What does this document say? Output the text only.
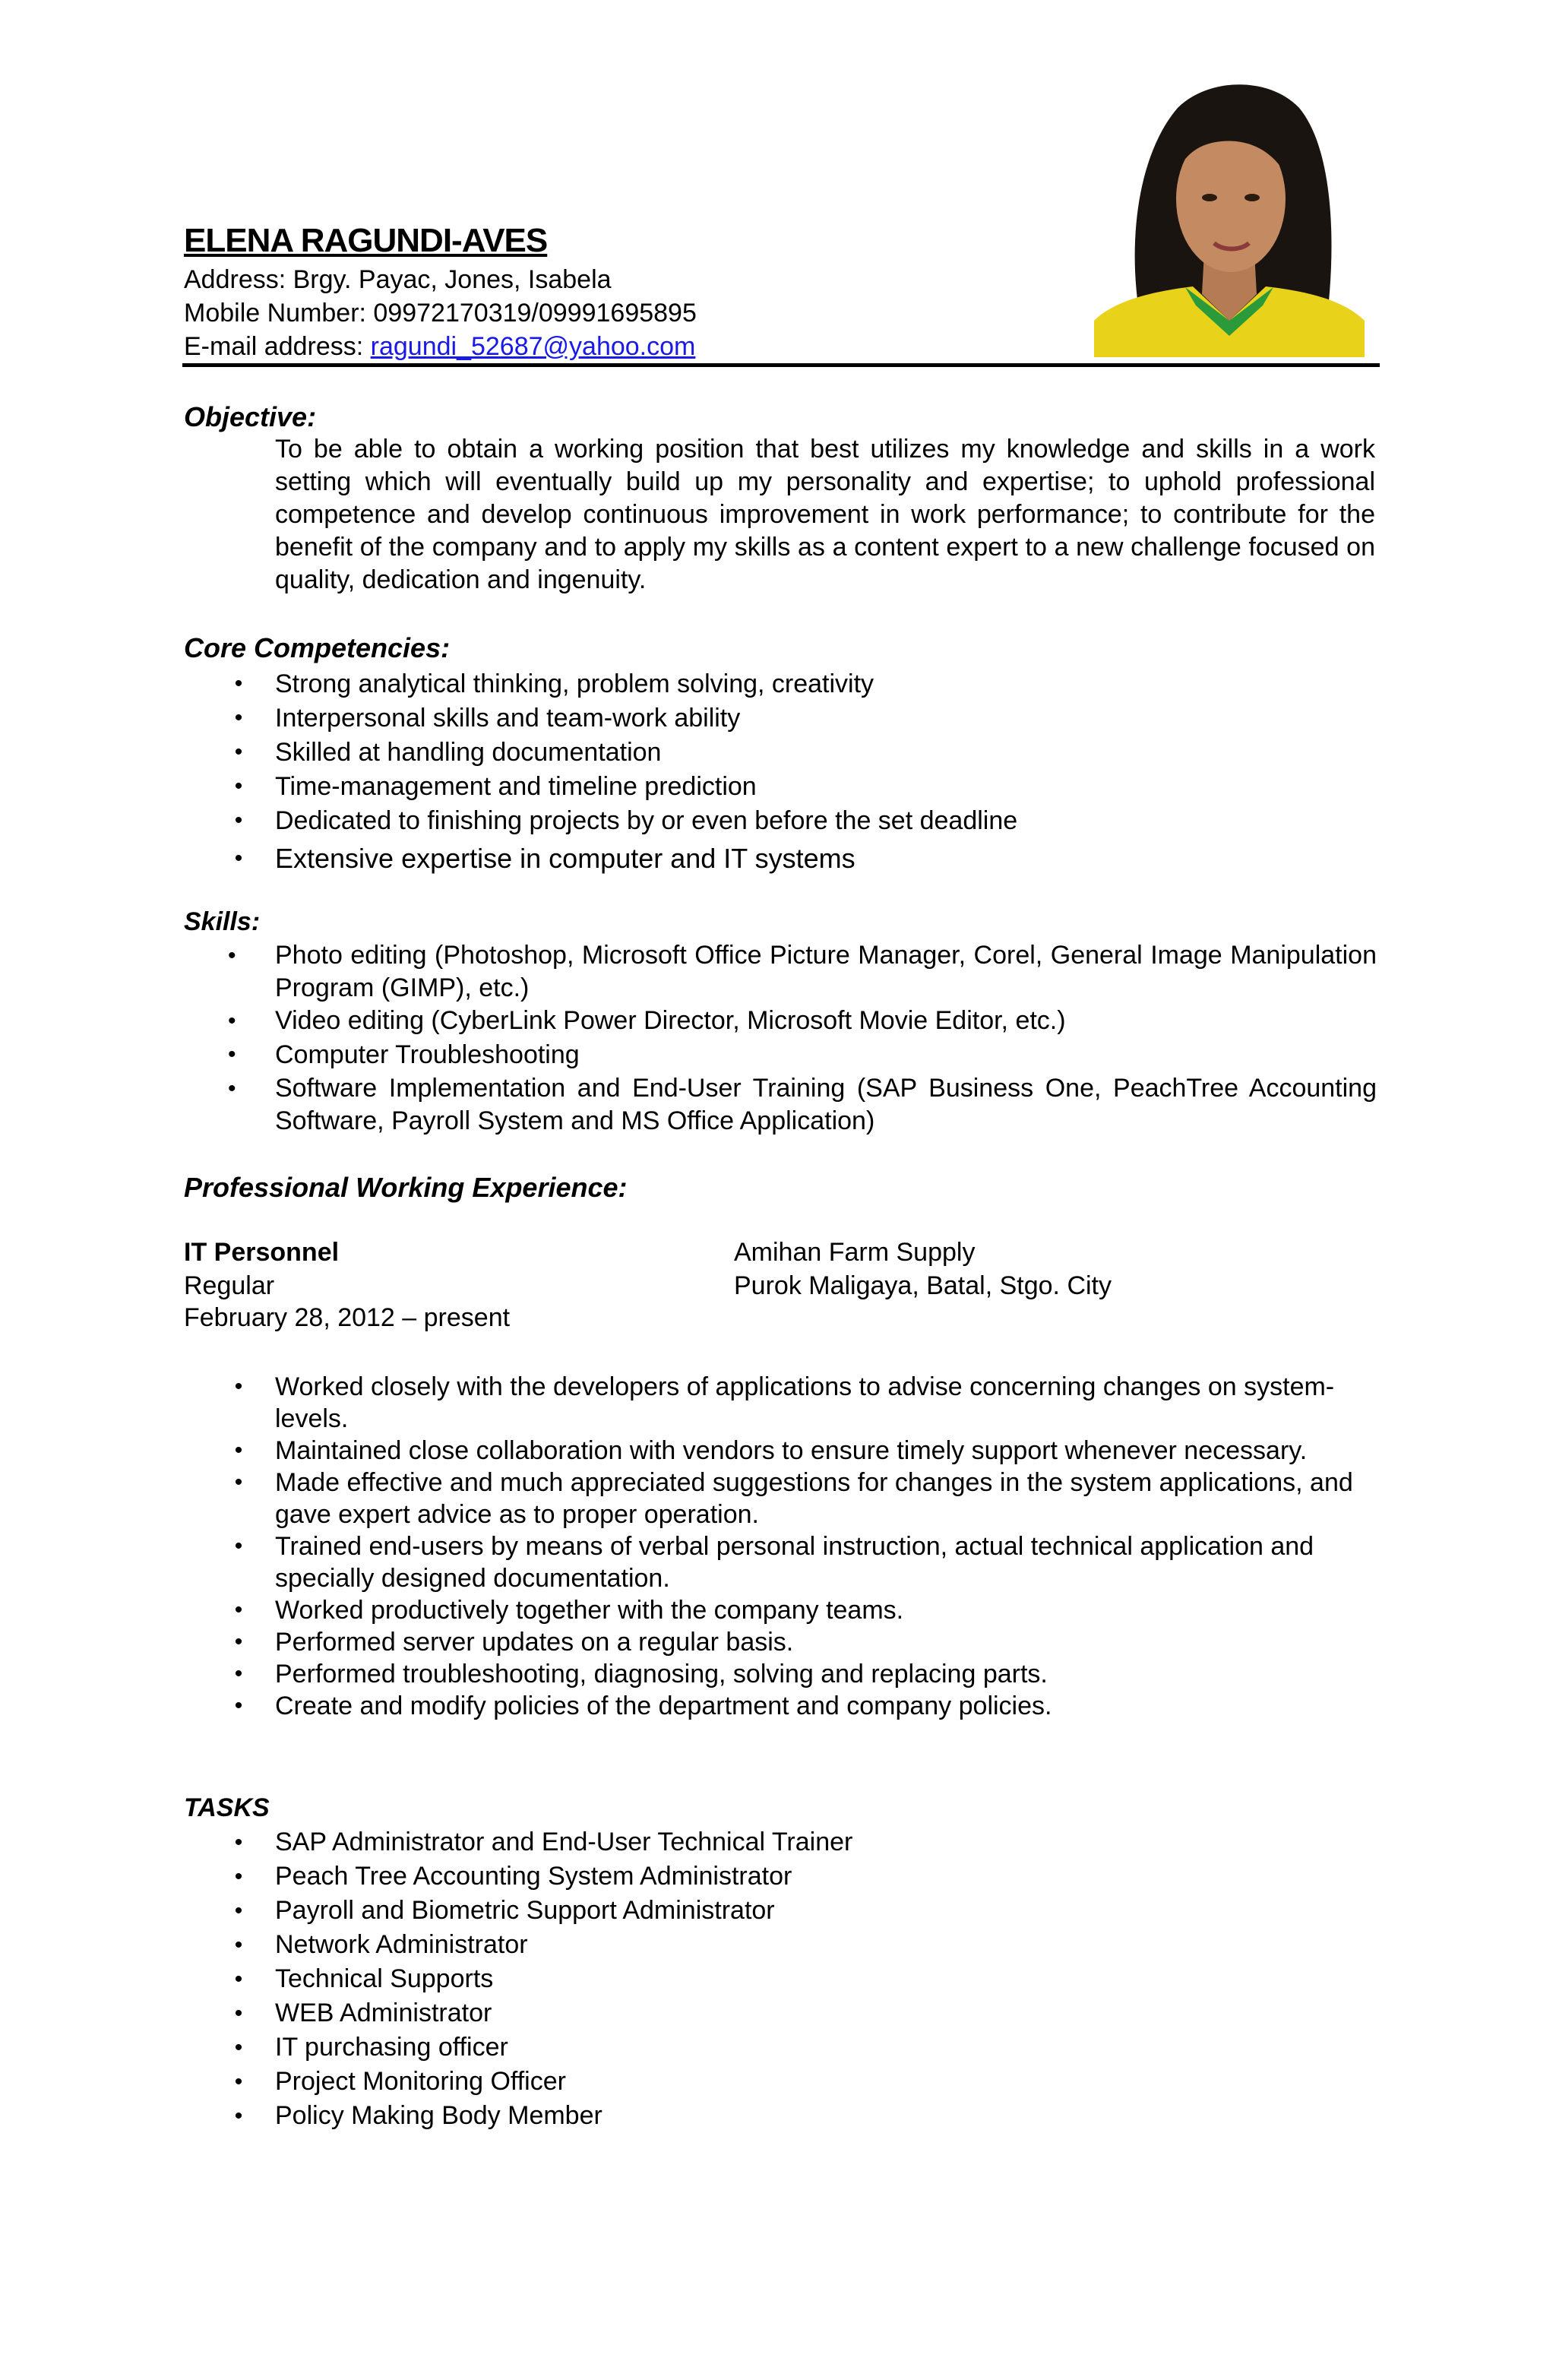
ELENA RAGUNDI-AVES
Address: Brgy. Payac, Jones, Isabela
Mobile Number: 09972170319/09991695895
E-mail address: ragundi_52687@yahoo.com
Objective:
To be able to obtain a working position that best utilizes my knowledge and skills in a work setting which will eventually build up my personality and expertise; to uphold professional competence and develop continuous improvement in work performance; to contribute for the benefit of the company and to apply my skills as a content expert to a new challenge focused on quality, dedication and ingenuity.
Core Competencies:
• Strong analytical thinking, problem solving, creativity
• Interpersonal skills and team-work ability
• Skilled at handling documentation
• Time-management and timeline prediction
• Dedicated to finishing projects by or even before the set deadline
• Extensive expertise in computer and IT systems
Skills:
•	Photo editing (Photoshop, Microsoft Office Picture Manager, Corel, General Image Manipulation Program (GIMP), etc.)
•	Video editing (CyberLink Power Director, Microsoft Movie Editor, etc.)
•	Computer Troubleshooting
•	Software Implementation and End-User Training (SAP Business One, PeachTree Accounting Software, Payroll System and MS Office Application)
Professional Working Experience:
IT Personnel	Amihan Farm Supply
Regular	Purok Maligaya, Batal, Stgo. City
February 28, 2012 – present
• Worked closely with the developers of applications to advise concerning changes on system-levels.
• Maintained close collaboration with vendors to ensure timely support whenever necessary.
• Made effective and much appreciated suggestions for changes in the system applications, and gave expert advice as to proper operation.
• Trained end-users by means of verbal personal instruction, actual technical application and specially designed documentation.
• Worked productively together with the company teams.
• Performed server updates on a regular basis.
• Performed troubleshooting, diagnosing, solving and replacing parts.
• Create and modify policies of the department and company policies.
TASKS
• SAP Administrator and End-User Technical Trainer
• Peach Tree Accounting System Administrator
• Payroll and Biometric Support Administrator
• Network Administrator
• Technical Supports
• WEB Administrator
• IT purchasing officer
• Project Monitoring Officer
• Policy Making Body Member
